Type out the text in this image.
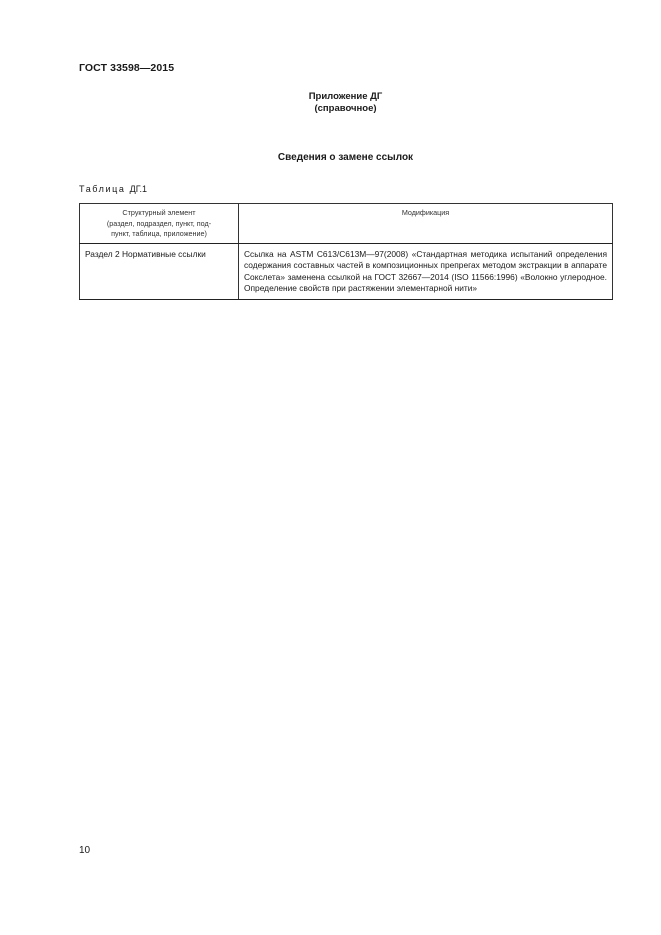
ГОСТ 33598—2015
Приложение ДГ
(справочное)
Сведения о замене ссылок
Таблица ДГ.1
Структурный элемент
(раздел, подраздел, пункт, под-
пункт, таблица, приложение)	Модификация
Раздел 2 Нормативные ссылки	Ссылка на ASTM C613/C613M—97(2008) «Стандартная методика испытаний определения содержания составных частей в композиционных препрегах методом экстракции в аппарате Сокслета» заменена ссылкой на ГОСТ 32667—2014 (ISO 11566:1996) «Волокно углеродное. Определение свойств при растяжении элементарной нити»
10
